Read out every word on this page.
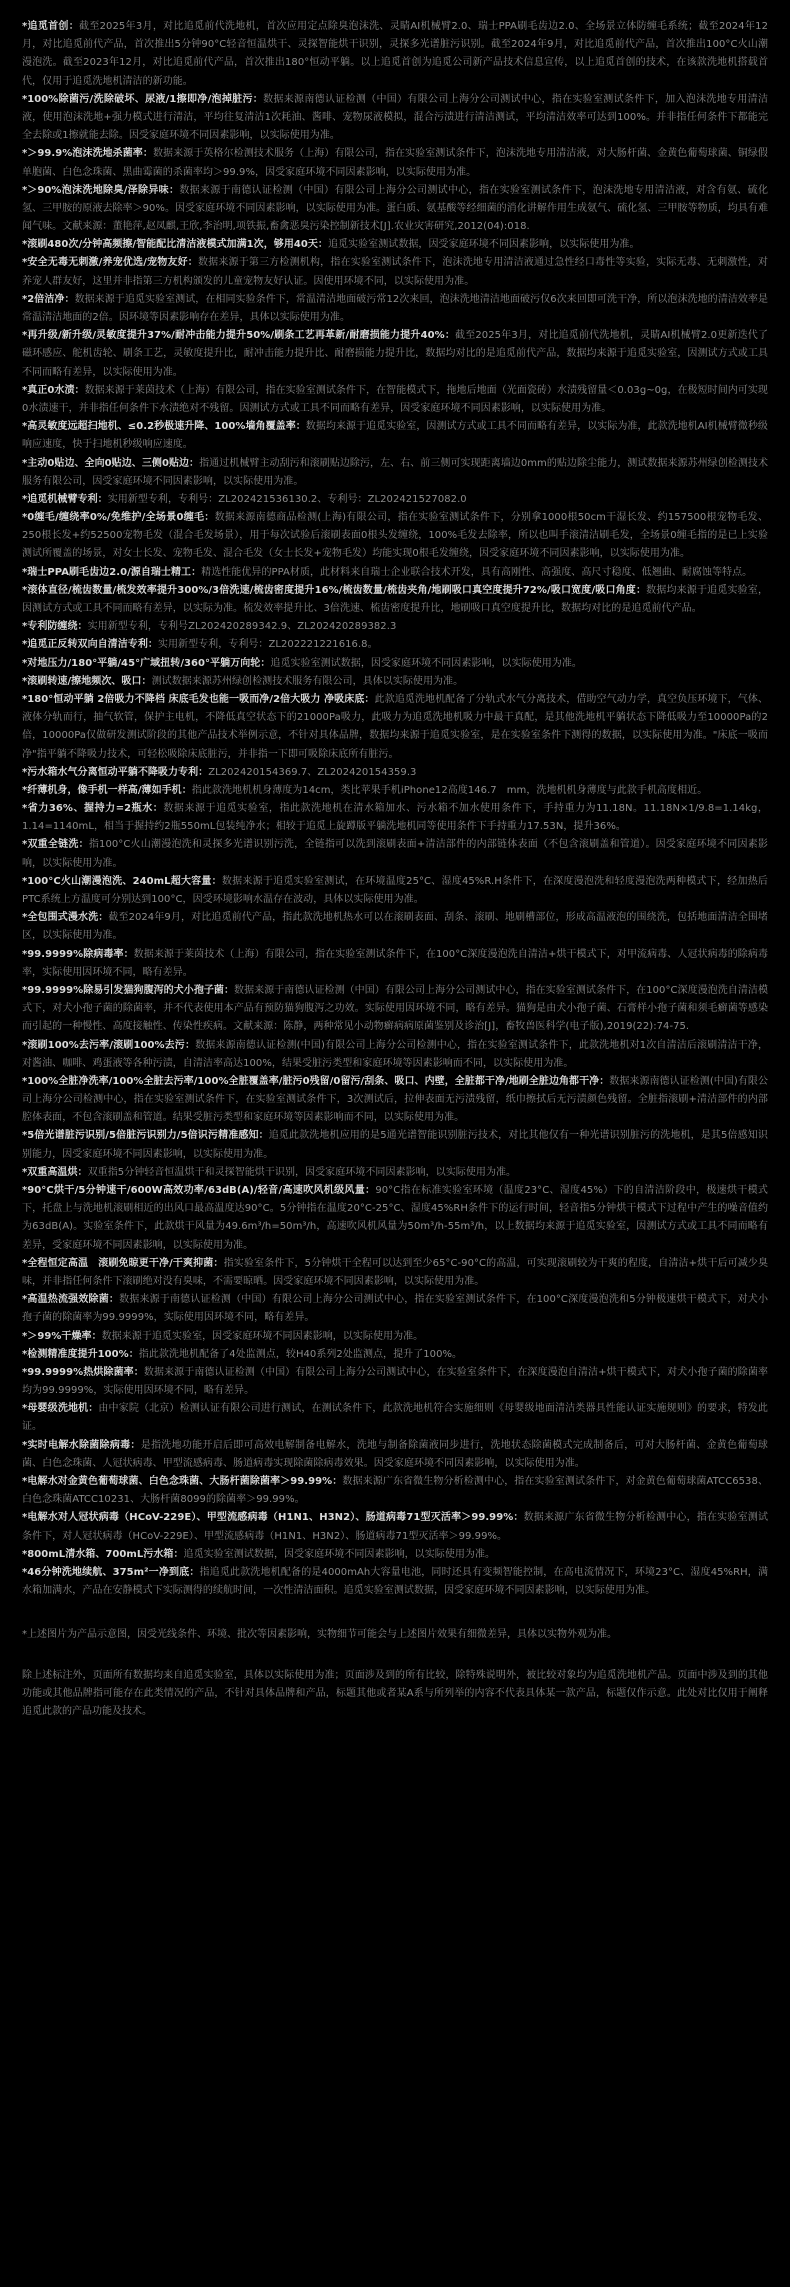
*追觅首创：截至2025年3月，对比追觅前代洗地机，首次应用定点除臭泡沫洗、灵睛AI机械臂2.0、瑞士PPA刷毛齿边2.0、全场景立体防缠毛系统；截至2024年12月，对比追觅前代产品，首次推出5分钟90°C轻音恒温烘干、灵探智能烘干识别，灵探多光谱脏污识别。截至2024年9月，对比追觅前代产品，首次推出100°C火山潮漫泡洗。截至2023年12月，对比追觅前代产品，首次推出180°恒动平躺。以上追觅首创为追觅公司新产品技术信息宣传，以上追觅首创的技术，在该款洗地机搭载首代，仅用于追觅洗地机清洁的新功能。

*100%除菌污/洗除破坏、尿液/1擦即净/泡掉脏污：数据来源南德认证检测（中国）有限公司上海分公司测试中心，指在实验室测试条件下，加入泡沫洗地专用清洁液，使用泡沫洗地+强力模式进行清洁，平均往复清洁1次耗油、酱啡、宠物尿液模拟，混合污渍进行清洁测试，平均清洁效率可达到100%。并非指任何条件下都能完全去除或1擦就能去除。因受家庭环境不同因素影响，以实际使用为准。

*＞99.9%泡沫洗地杀菌率：数据来源于英格尔检测技术服务（上海）有限公司，指在实验室测试条件下，泡沫洗地专用清洁液，对大肠杆菌、金黄色葡萄球菌、铜绿假单胞菌、白色念珠菌、黑曲霉菌的杀菌率均＞99.9%，因受家庭环境不同因素影响，以实际使用为准。

*＞90%泡沫洗地除臭/泽除异味：数据来源于南德认证检测（中国）有限公司上海分公司测试中心，指在实验室测试条件下，泡沫洗地专用清洁液，对含有氨、硫化氢、三甲胺的原液去除率＞90%。因受家庭环境不同因素影响，以实际使用为准。蛋白质、氨基酸等经细菌的消化讲解作用生成氨气、硫化氢、三甲胺等物质，均具有难闻气味。文献来源：董艳萍,赵凤麒,王欣,李治明,项铁振,畜禽恶臭污染控制新技术[J].农业灾害研究,2012(04):018.

*滚刷480次/分钟高频擦/智能配比清洁液模式加满1次，够用40天：追觅实验室测试数据，因受家庭环境不同因素影响，以实际使用为准。

*安全无毒无刺激/养宠优选/宠物友好：数据来源于第三方检测机构，指在实验室测试条件下，泡沫洗地专用清洁液通过急性经口毒性等实验，实际无毒、无刺激性，对养宠人群友好，这里并非指第三方机构颁发的儿童宠物友好认证。因使用环境不同，以实际使用为准。

*2倍洁净：数据来源于追觅实验室测试，在相同实验条件下，常温清洁地面破污常12次来回，泡沫洗地清洁地面破污仅6次来回即可洗干净，所以泡沫洗地的清洁效率是常温清洁地面的2倍。因环境等因素影响存在差异，具体以实际使用为准。

*再升级/新升级/灵敏度提升37%/耐冲击能力提升50%/刷条工艺再革新/耐磨损能力提升40%：截至2025年3月，对比追觅前代洗地机，灵睛AI机械臂2.0更新迭代了磁环感应、舵机齿轮、刷条工艺，灵敏度提升比，耐冲击能力提升比、耐磨损能力提升比，数据均对比的是追觅前代产品，数据均来源于追觅实验室，因测试方式或工具不同而略有差异，以实际使用为准。

*真正0水渍：数据来源于莱茵技术（上海）有限公司，指在实验室测试条件下，在智能模式下，拖地后地面（光面瓷砖）水渍残留量＜0.03g~0g，在极短时间内可实现0水渍速干，并非指任何条件下水渍绝对不残留。因测试方式或工具不同而略有差异，因受家庭环境不同因素影响，以实际使用为准。

*高灵敏度远超扫地机、≤0.2秒极速升降、100%墙角覆盖率：数据均来源于追觅实验室，因测试方式或工具不同而略有差异，以实际为准，此款洗地机AI机械臂微秒级响应速度，快于扫地机秒级响应速度。

*主动0贴边、全向0贴边、三侧0贴边：指通过机械臂主动刮污和滚刷贴边除污，左、右、前三侧可实现距离墙边0mm的贴边除尘能力，测试数据来源苏州绿创检测技术服务有限公司，因受家庭环境不同因素影响，以实际使用为准。

*追觅机械臂专利：实用新型专利，专利号：ZL202421536130.2、专利号：ZL202421527082.0

*0缠毛/缠绕率0%/免维护/全场景0缠毛：数据来源南德商品检测(上海)有限公司，指在实验室测试条件下，分别拿1000根50cm干湿长发、约157500根宠物毛发、250根长发+约52500宠物毛发（混合毛发场景），用于每次试验后滚刷表面0根头发缠绕，100%毛发去除率，所以也叫手滚清洁刷毛发，全场景0缠毛指的是已上实验测试所覆盖的场景，对女士长发、宠物毛发、混合毛发（女士长发+宠物毛发）均能实现0根毛发缠绕，因受家庭环境不同因素影响，以实际使用为准。

*瑞士PPA刷毛齿边2.0/源自瑞士精工：精选性能优异的PPA材质，此材料来自瑞士企业联合技术开发，具有高刚性、高强度、高尺寸稳度、低翘曲、耐腐蚀等特点。

*滚体直径/梳齿数量/梳发效率提升300%/3倍洗速/梳齿密度提升16%/梳齿数量/梳齿夹角/地刷吸口真空度提升72%/吸口宽度/吸口角度：数据均来源于追觅实验室，因测试方式或工具不同而略有差异，以实际为准。梳发效率提升比、3倍洗速、梳齿密度提升比，地刷吸口真空度提升比，数据均对比的是追觅前代产品。

*专利防缠绕：实用新型专利，专利号ZL202420289342.9、ZL202420289382.3

*追觅正反转双向自清洁专利：实用新型专利，专利号：ZL202221221616.8。

*对地压力/180°平躺/45°广域扭转/360°平躺万向轮：追觅实验室测试数据，因受家庭环境不同因素影响，以实际使用为准。

*滚刷转速/擦地频次、吸口：测试数据来源苏州绿创检测技术服务有限公司，具体以实际使用为准。

*180°恒动平躺 2倍吸力不降档 床底毛发也能一吸而净/2倍大吸力 净吸床底：此款追觅洗地机配备了分轨式水气分离技术，借助空气动力学，真空负压环境下，气体、液体分轨而行，抽气软管，保护主电机，不降低真空状态下的21000Pa吸力，此吸力为追觅洗地机吸力中最干真配，是其他洗地机平躺状态下降低吸力至10000Pa的2倍，10000Pa仅做研发测试阶段的其他产品技术举例示意，不针对具体品牌，数据均来源于追觅实验室，是在实验室条件下测得的数据，以实际使用为准。"床底一吸而净"指平躺不降吸力技术，可轻松吸除床底脏污，并非指一下即可吸除床底所有脏污。

*污水箱水气分离恒动平躺不降吸力专利：ZL202420154369.7、ZL202420154359.3

*纤薄机身，像手机一样高/薄如手机：指此款洗地机机身薄度为14cm，类比苹果手机iPhone12高度146.7　mm，洗地机机身薄度与此款手机高度相近。

*省力36%、握持力=2瓶水：数据来源于追觅实验室，指此款洗地机在清水箱加水、污水箱不加水使用条件下，手持重力为11.18N。11.18N×1/9.8=1.14kg，1.14=1140mL，相当于握持约2瓶550mL包装纯净水；相较于追觅上旋蹲版平躺洗地机同等使用条件下手持重力17.53N，提升36%。

*双重全链洗：指100°C火山潮漫泡洗和灵探多光谱识别污洗，全链指可以洗到滚刷表面+清洁部件的内部链体表面（不包含滚刷盖和管道）。因受家庭环境不同因素影响，以实际使用为准。

*100°C火山潮漫泡洗、240mL超大容量：数据来源于追觅实验室测试，在环境温度25°C、湿度45%R.H条件下，在深度漫泡洗和轻度漫泡洗两种模式下，经加热后PTC系统上方温度可分别达到100°C，因受环境影响水温存在波动，具体以实际使用为准。

*全包围式漫水洗：截至2024年9月，对比追觅前代产品，指此款洗地机热水可以在滚刷表面、刮条、滚刷、地刷槽部位，形成高温液泡的围绕洗，包括地面清洁全围堵区，以实际使用为准。

*99.9999%除病毒率：数据来源于莱茵技术（上海）有限公司，指在实验室测试条件下，在100°C深度漫泡洗自清洁+烘干模式下，对甲流病毒、人冠状病毒的除病毒率，实际使用因环境不同，略有差异。

*99.9999%除易引发猫狗腹泻的犬小孢子菌：数据来源于南德认证检测（中国）有限公司上海分公司测试中心，指在实验室测试条件下，在100°C深度漫泡洗自清洁模式下，对犬小孢子菌的除菌率，并不代表使用本产品有预防猫狗腹泻之功效。实际使用因环境不同，略有差异。猫狗是由犬小孢子菌、石膏样小孢子菌和须毛癣菌等感染而引起的一种慢性、高度接触性、传染性疾病。文献来源：陈静，两种常见小动物癣病病原菌鉴别及诊治[J]，畜牧兽医科学(电子版),2019(22):74-75.

*滚刷100%去污率/滚刷100%去污：数据来源南德认证检测(中国)有限公司上海分公司检测中心，指在实验室测试条件下，此款洗地机对1次自清洁后滚刷清洁干净，对酱油、咖啡、鸡蛋液等各种污渍，自清洁率高达100%，结果受脏污类型和家庭环境等因素影响而不同，以实际使用为准。

*100%全脏净洗率/100%全脏去污率/100%全脏覆盖率/脏污0残留/0留污/刮条、吸口、内壁，全脏都干净/地刷全脏边角都干净：数据来源南德认证检测(中国)有限公司上海分公司检测中心，指在实验室测试条件下，在实验室测试条件下，3次测试后，拉伸表面无污渍残留，纸巾擦拭后无污渍颜色残留。全脏指滚刷+清洁部件的内部腔体表面，不包含滚刷盖和管道。结果受脏污类型和家庭环境等因素影响而不同，以实际使用为准。

*5倍光谱脏污识别/5倍脏污识别力/5倍识污精准感知：追觅此款洗地机应用的是5通光谱智能识别脏污技术，对比其他仅有一种光谱识别脏污的洗地机，是其5倍感知识别能力，因受家庭环境不同因素影响，以实际使用为准。

*双重高温烘：双重指5分钟轻音恒温烘干和灵探智能烘干识别，因受家庭环境不同因素影响，以实际使用为准。

*90°C烘干/5分钟速干/600W高效功率/63dB(A)/轻音/高速吹风机级风量：90°C指在标准实验室环境（温度23°C、湿度45%）下的自清洁阶段中，极速烘干模式下，托盘上与洗地机滚刷相近的出风口最高温度达90°C。5分钟指在温度20°C-25°C、湿度45%RH条件下的运行时间，轻音指5分钟烘干模式下过程中产生的噪音值约为63dB(A)。实验室条件下，此款烘干风量为49.6m³/h=50m³/h，高速吹风机风量为50m³/h-55m³/h，以上数据均来源于追觅实验室，因测试方式或工具不同而略有差异，受家庭环境不同因素影响，以实际使用为准。

*全程恒定高温　滚刷免晾更干净/干爽抑菌：指实验室条件下，5分钟烘干全程可以达到至少65°C-90°C的高温，可实现滚刷较为干爽的程度，自清洁+烘干后可减少臭味，并非指任何条件下滚刷绝对没有臭味，不需要晾晒。因受家庭环境不同因素影响，以实际使用为准。

*高温热流强效除菌：数据来源于南德认证检测（中国）有限公司上海分公司测试中心，指在实验室测试条件下，在100°C深度漫泡洗和5分钟极速烘干模式下，对犬小孢子菌的除菌率为99.9999%，实际使用因环境不同，略有差异。

*＞99%干燥率：数据来源于追觅实验室，因受家庭环境不同因素影响，以实际使用为准。

*检测精准度提升100%：指此款洗地机配备了4处监测点，较H40系列2处监测点，提升了100%。

*99.9999%热烘除菌率：数据来源于南德认证检测（中国）有限公司上海分公司测试中心，在实验室条件下，在深度漫泡自清洁+烘干模式下，对犬小孢子菌的除菌率均为99.9999%，实际使用因环境不同，略有差异。

*母婴级洗地机：由中家院（北京）检测认证有限公司进行测试，在测试条件下，此款洗地机符合实施细则《母婴级地面清洁类器具性能认证实施规则》的要求，特发此证。

*实时电解水除菌除病毒：是指洗地功能开启后即可高效电解制备电解水，洗地与制备除菌液同步进行，洗地状态除菌模式完成制备后，可对大肠杆菌、金黄色葡萄球菌、白色念珠菌、人冠状病毒、甲型流感病毒、肠道病毒实现除菌除病毒效果。因受家庭环境不同因素影响，以实际使用为准。

*电解水对金黄色葡萄球菌、白色念珠菌、大肠杆菌除菌率＞99.99%：数据来源广东省微生物分析检测中心，指在实验室测试条件下，对金黄色葡萄球菌ATCC6538、白色念珠菌ATCC10231、大肠杆菌8099的除菌率＞99.99%。

*电解水对人冠状病毒（HCoV-229E）、甲型流感病毒（H1N1、H3N2）、肠道病毒71型灭活率＞99.99%：数据来源广东省微生物分析检测中心，指在实验室测试条件下，对人冠状病毒（HCoV-229E）、甲型流感病毒（H1N1、H3N2）、肠道病毒71型灭活率＞99.99%。

*800mL清水箱、700mL污水箱：追觅实验室测试数据，因受家庭环境不同因素影响，以实际使用为准。

*46分钟洗地续航、375m²一净到底：指追觅此款洗地机配备的是4000mAh大容量电池，同时还具有变频智能控制，在高电流情况下，环境23°C、湿度45%RH，满水箱加满水，产品在安静模式下实际测得的续航时间，一次性清洁面积。追觅实验室测试数据，因受家庭环境不同因素影响，以实际使用为准。

*上述图片为产品示意图，因受光线条件、环境、批次等因素影响，实物细节可能会与上述图片效果有细微差异，具体以实物外观为准。

除上述标注外，页面所有数据均来自追觅实验室，具体以实际使用为准；页面涉及到的所有比较，除特殊说明外，被比较对象均为追觅洗地机产品。页面中涉及到的其他功能或其他品牌指可能存在此类情况的产品，不针对具体品牌和产品，标题其他或者某A系与所列举的内容不代表具体某一款产品，标题仅作示意。此处对比仅用于阐释追觅此款的产品功能及技术。
